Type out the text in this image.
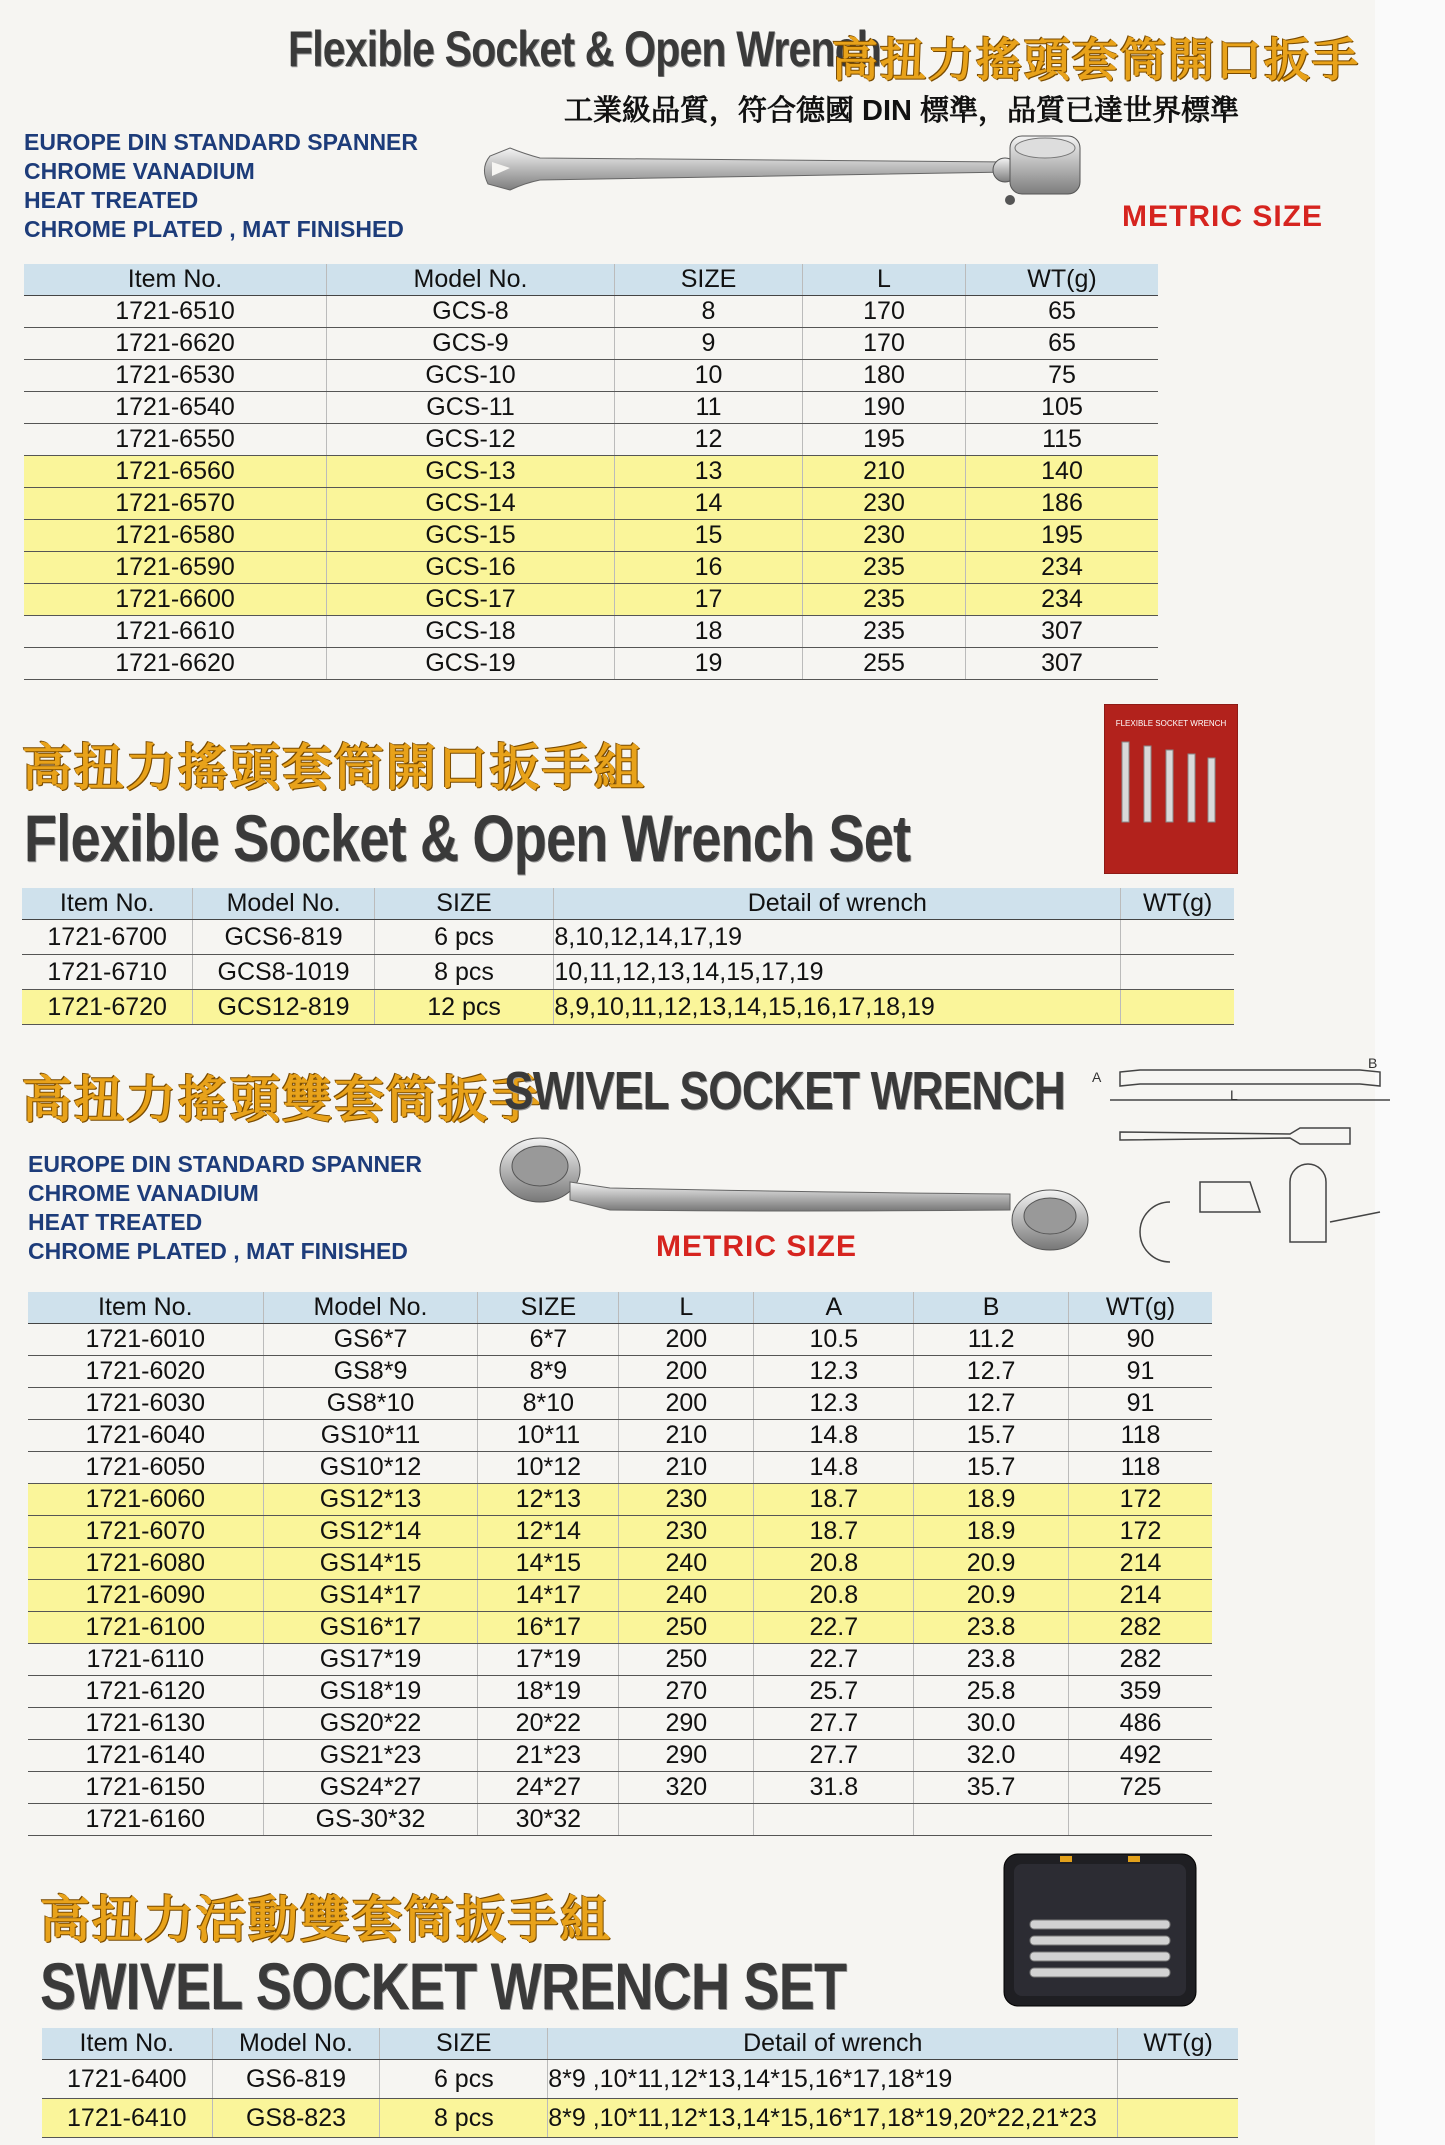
Flexible Socket & Open Wrench
高扭力搖頭套筒開口扳手
工業級品質，符合德國 DIN 標準，品質已達世界標準
EUROPE DIN STANDARD SPANNER
CHROME VANADIUM
HEAT TREATED
CHROME PLATED , MAT FINISHED	METRIC SIZE
Item No.	Model No.	SIZE	L	WT(g)
1721-6510	GCS-8	8	170	65
1721-6620	GCS-9	9	170	65
1721-6530	GCS-10	10	180	75
1721-6540	GCS-11	11	190	105
1721-6550	GCS-12	12	195	115
1721-6560	GCS-13	13	210	140
1721-6570	GCS-14	14	230	186
1721-6580	GCS-15	15	230	195
1721-6590	GCS-16	16	235	234
1721-6600	GCS-17	17	235	234
1721-6610	GCS-18	18	235	307
1721-6620	GCS-19	19	255	307
高扭力搖頭套筒開口扳手組
Flexible Socket & Open Wrench Set
FLEXIBLE SOCKET WRENCH
Item No.	Model No.	SIZE	Detail of wrench	WT(g)
1721-6700	GCS6-819	6 pcs	8,10,12,14,17,19	
1721-6710	GCS8-1019	8 pcs	10,11,12,13,14,15,17,19	
1721-6720	GCS12-819	12 pcs	8,9,10,11,12,13,14,15,16,17,18,19	
高扭力搖頭雙套筒扳手
SWIVEL SOCKET WRENCH
EUROPE DIN STANDARD SPANNER
CHROME VANADIUM
HEAT TREATED
CHROME PLATED , MAT FINISHED
A
B
L
METRIC SIZE
Item No.	Model No.	SIZE	L	A	B	WT(g)
1721-6010	GS6*7	6*7	200	10.5	11.2	90
1721-6020	GS8*9	8*9	200	12.3	12.7	91
1721-6030	GS8*10	8*10	200	12.3	12.7	91
1721-6040	GS10*11	10*11	210	14.8	15.7	118
1721-6050	GS10*12	10*12	210	14.8	15.7	118
1721-6060	GS12*13	12*13	230	18.7	18.9	172
1721-6070	GS12*14	12*14	230	18.7	18.9	172
1721-6080	GS14*15	14*15	240	20.8	20.9	214
1721-6090	GS14*17	14*17	240	20.8	20.9	214
1721-6100	GS16*17	16*17	250	22.7	23.8	282
1721-6110	GS17*19	17*19	250	22.7	23.8	282
1721-6120	GS18*19	18*19	270	25.7	25.8	359
1721-6130	GS20*22	20*22	290	27.7	30.0	486
1721-6140	GS21*23	21*23	290	27.7	32.0	492
1721-6150	GS24*27	24*27	320	31.8	35.7	725
1721-6160	GS-30*32	30*32				
高扭力活動雙套筒扳手組
SWIVEL SOCKET WRENCH SET
Item No.	Model No.	SIZE	Detail of wrench	WT(g)
1721-6400	GS6-819	6 pcs	8*9 ,10*11,12*13,14*15,16*17,18*19	
1721-6410	GS8-823	8 pcs	8*9 ,10*11,12*13,14*15,16*17,18*19,20*22,21*23	
